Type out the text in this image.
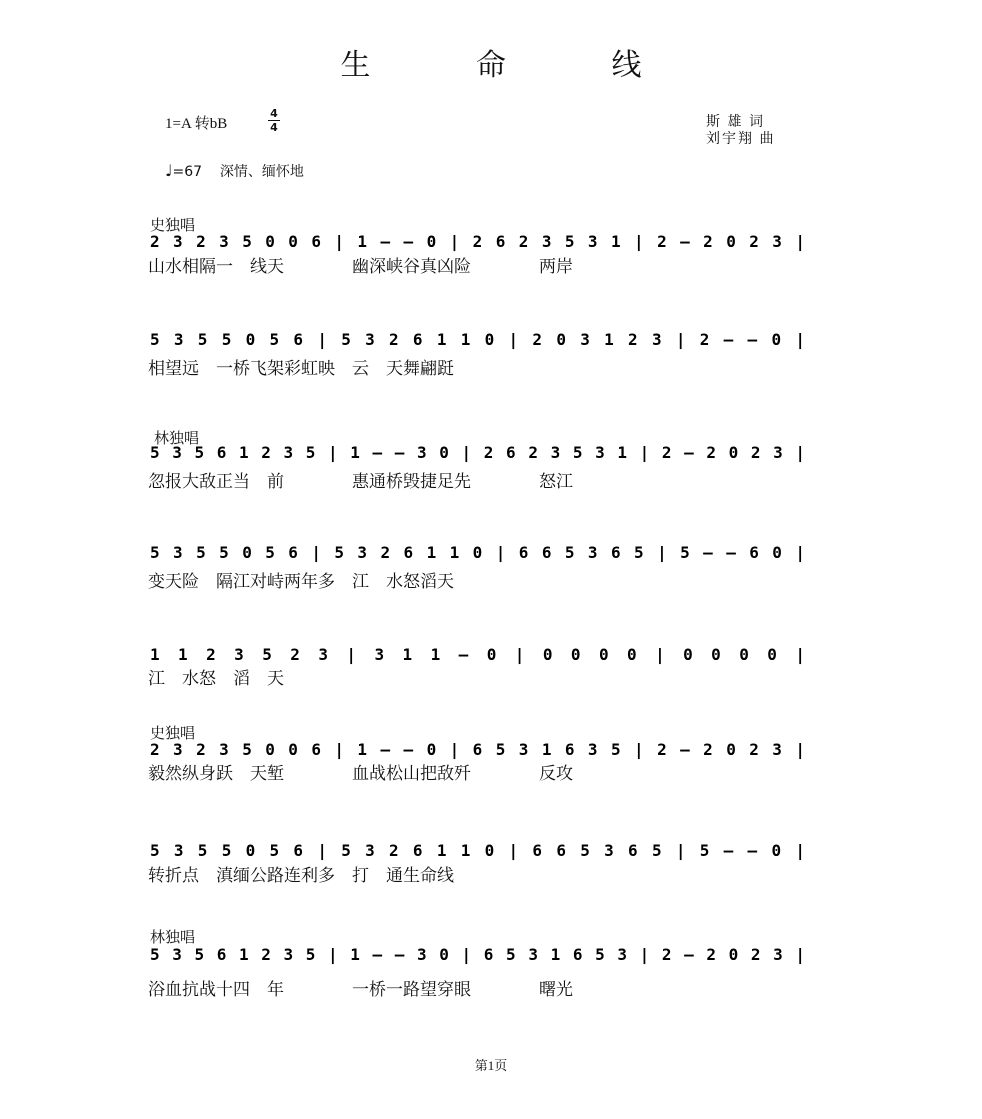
生 命 线
1=A 转bB
4
4	斯 雄 词
刘宇翔 曲
♩=67 深情、缅怀地
史独唱
林独唱
史独唱
林独唱
2 3 2 3 5 0 0 6 | 1 – – 0 | 2 6 2 3 5 3 1 | 2 – 2 0 2 3 |
山水相隔一　线天　　　　幽深峡谷真凶险　　　　两岸
5 3 5 5 0 5 6 | 5 3 2 6 1 1 0 | 2 0 3 1 2 3 | 2 – – 0 |
相望远　一桥飞架彩虹映　云　天舞翩跹
5 3 5 6 1 2 3 5 | 1 – – 3 0 | 2 6 2 3 5 3 1 | 2 – 2 0 2 3 |
忽报大敌正当　前　　　　惠通桥毁捷足先　　　　怒江
5 3 5 5 0 5 6 | 5 3 2 6 1 1 0 | 6 6 5 3 6 5 | 5 – – 6 0 |
变天险　隔江对峙两年多　江　水怒滔天
1 1 2 3 5 2 3 | 3 1 1 – 0 | 0 0 0 0 | 0 0 0 0 |
江　水怒　滔　天
2 3 2 3 5 0 0 6 | 1 – – 0 | 6 5 3 1 6 3 5 | 2 – 2 0 2 3 |
毅然纵身跃　天堑　　　　血战松山把敌歼　　　　反攻
5 3 5 5 0 5 6 | 5 3 2 6 1 1 0 | 6 6 5 3 6 5 | 5 – – 0 |
转折点　滇缅公路连利多　打　通生命线
5 3 5 6 1 2 3 5 | 1 – – 3 0 | 6 5 3 1 6 5 3 | 2 – 2 0 2 3 |
浴血抗战十四　年　　　　一桥一路望穿眼　　　　曙光
第1页
